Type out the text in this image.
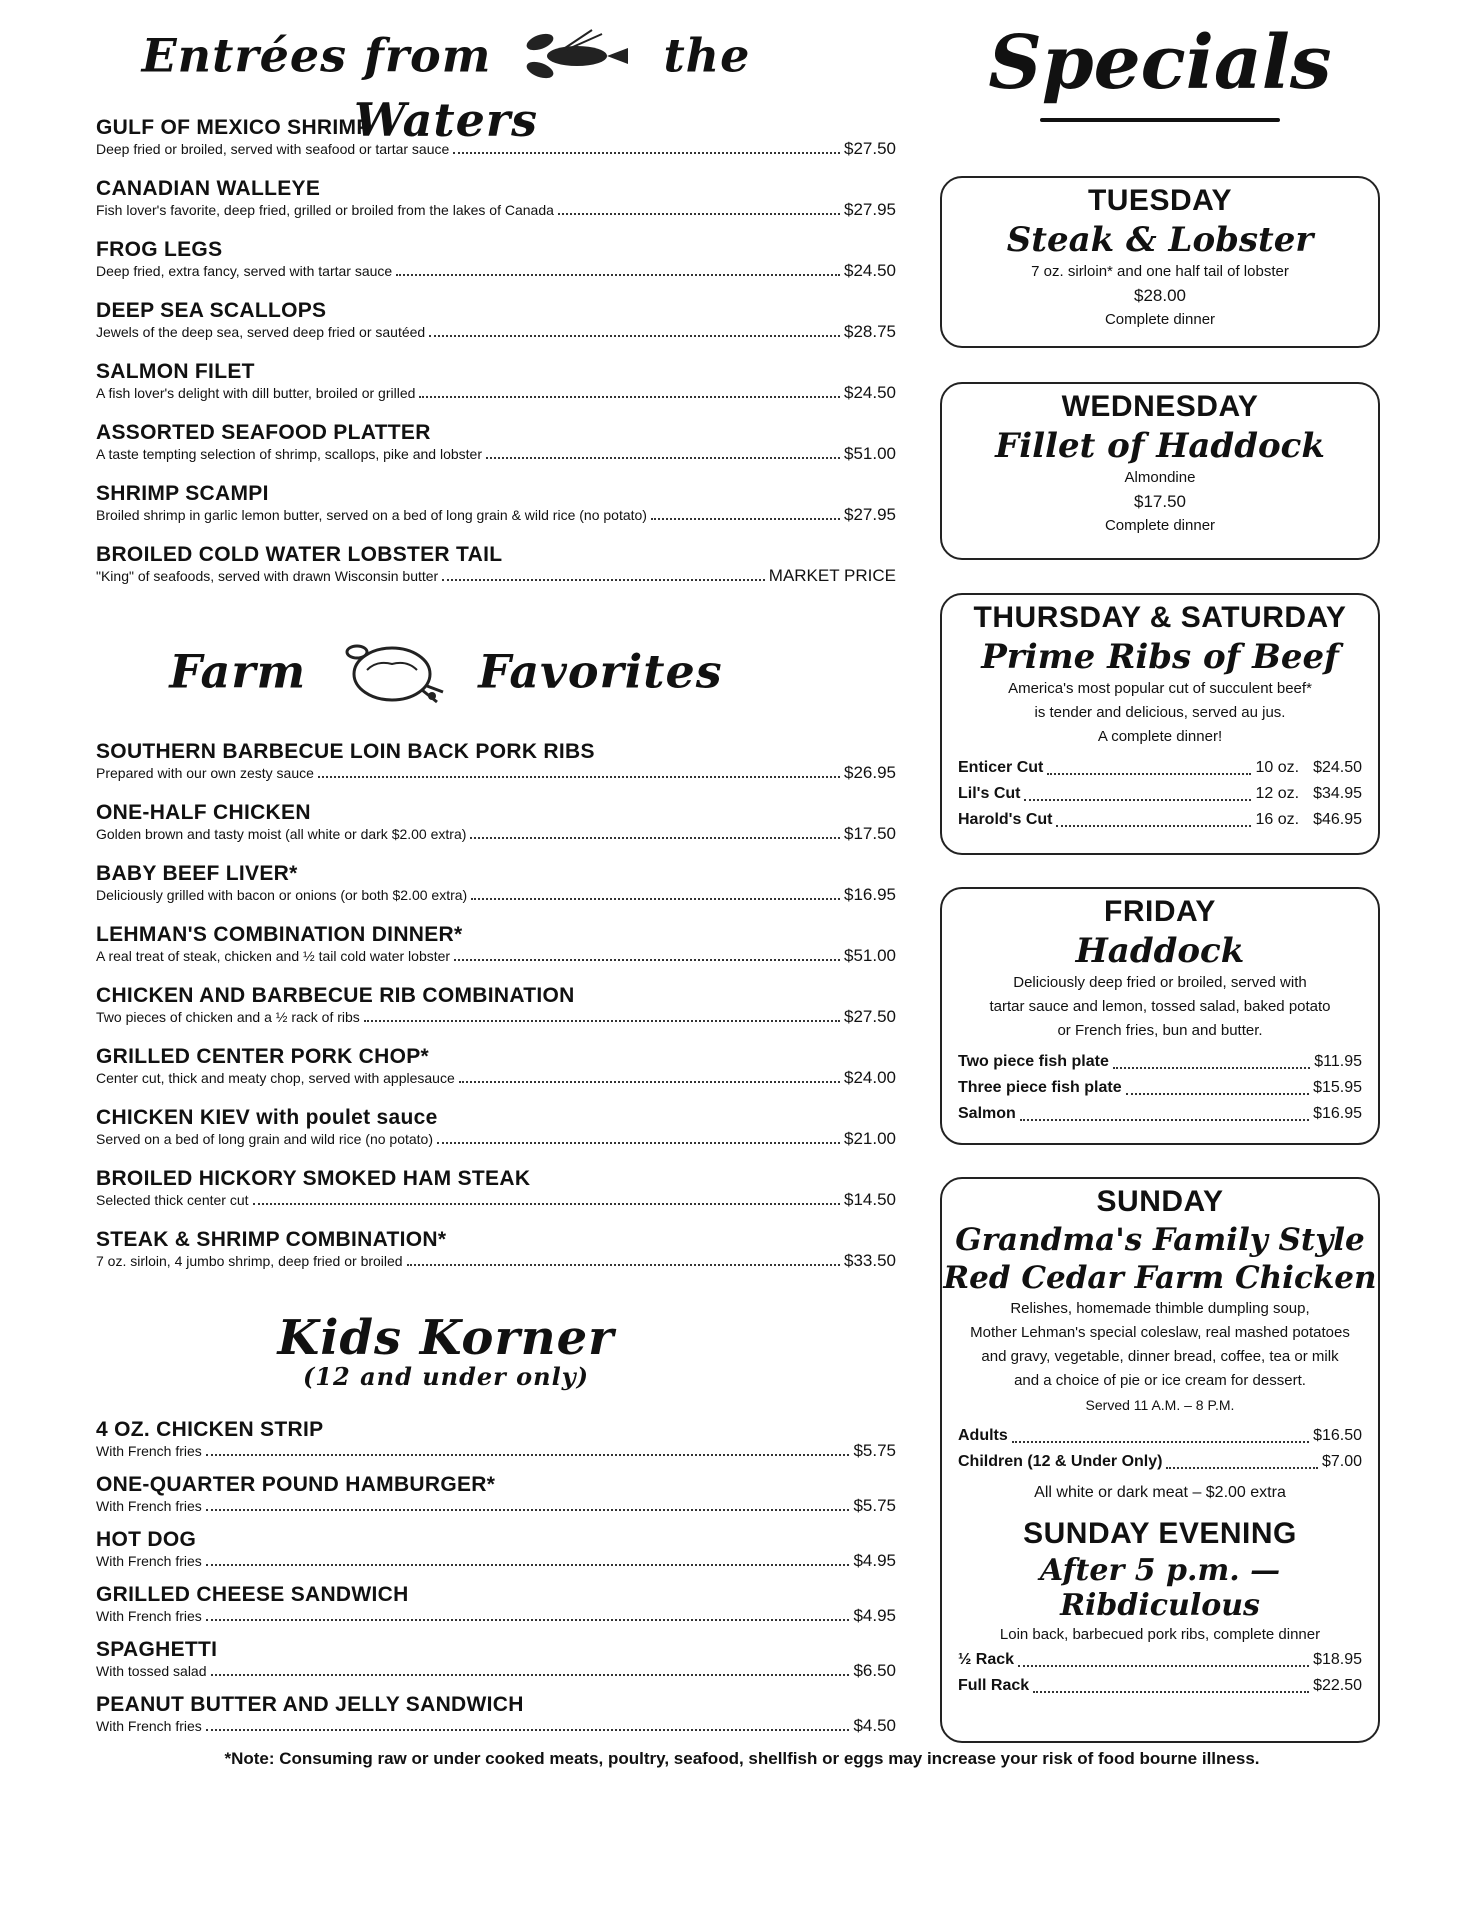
Entrées from	the Waters
GULF OF MEXICO SHRIMP
Deep fried or broiled, served with seafood or tartar sauce	$27.50
CANADIAN WALLEYE
Fish lover's favorite, deep fried, grilled or broiled from the lakes of Canada	$27.95
FROG LEGS
Deep fried, extra fancy, served with tartar sauce	$24.50
DEEP SEA SCALLOPS
Jewels of the deep sea, served deep fried or sautéed	$28.75
SALMON FILET
A fish lover's delight with dill butter, broiled or grilled	$24.50
ASSORTED SEAFOOD PLATTER
A taste tempting selection of shrimp, scallops, pike and lobster	$51.00
SHRIMP SCAMPI
Broiled shrimp in garlic lemon butter, served on a bed of long grain & wild rice (no potato)	$27.95
BROILED COLD WATER LOBSTER TAIL
"King" of seafoods, served with drawn Wisconsin butter	MARKET PRICE
Farm	Favorites
SOUTHERN BARBECUE LOIN BACK PORK RIBS
Prepared with our own zesty sauce	$26.95
ONE-HALF CHICKEN
Golden brown and tasty moist (all white or dark $2.00 extra)	$17.50
BABY BEEF LIVER*
Deliciously grilled with bacon or onions (or both $2.00 extra)	$16.95
LEHMAN'S COMBINATION DINNER*
A real treat of steak, chicken and ½ tail cold water lobster	$51.00
CHICKEN AND BARBECUE RIB COMBINATION
Two pieces of chicken and a ½ rack of ribs	$27.50
GRILLED CENTER PORK CHOP*
Center cut, thick and meaty chop, served with applesauce	$24.00
CHICKEN KIEV with poulet sauce
Served on a bed of long grain and wild rice (no potato)	$21.00
BROILED HICKORY SMOKED HAM STEAK
Selected thick center cut	$14.50
STEAK & SHRIMP COMBINATION*
7 oz. sirloin, 4 jumbo shrimp, deep fried or broiled	$33.50
Kids Korner
(12 and under only)
4 OZ. CHICKEN STRIP
With French fries	$5.75
ONE-QUARTER POUND HAMBURGER*
With French fries	$5.75
HOT DOG
With French fries	$4.95
GRILLED CHEESE SANDWICH
With French fries	$4.95
SPAGHETTI
With tossed salad	$6.50
PEANUT BUTTER AND JELLY SANDWICH
With French fries	$4.50
Specials
TUESDAY
Steak & Lobster
7 oz. sirloin* and one half tail of lobster
$28.00
Complete dinner
WEDNESDAY
Fillet of Haddock
Almondine
$17.50
Complete dinner
THURSDAY & SATURDAY
Prime Ribs of Beef
America's most popular cut of succulent beef*
is tender and delicious, served au jus.
A complete dinner!
Enticer Cut	10 oz. $24.50
Lil's Cut	12 oz. $34.95
Harold's Cut	16 oz. $46.95
FRIDAY
Haddock
Deliciously deep fried or broiled, served with
tartar sauce and lemon, tossed salad, baked potato
or French fries, bun and butter.
Two piece fish plate	$11.95
Three piece fish plate	$15.95
Salmon	$16.95
SUNDAY
Grandma's Family Style
Red Cedar Farm Chicken
Relishes, homemade thimble dumpling soup,
Mother Lehman's special coleslaw, real mashed potatoes
and gravy, vegetable, dinner bread, coffee, tea or milk
and a choice of pie or ice cream for dessert.
Served 11 A.M. – 8 P.M.
Adults	$16.50
Children (12 & Under Only)	$7.00
All white or dark meat – $2.00 extra
SUNDAY EVENING
After 5 p.m. — Ribdiculous
Loin back, barbecued pork ribs, complete dinner
½ Rack	$18.95
Full Rack	$22.50
*Note: Consuming raw or under cooked meats, poultry, seafood, shellfish or eggs may increase your risk of food bourne illness.
